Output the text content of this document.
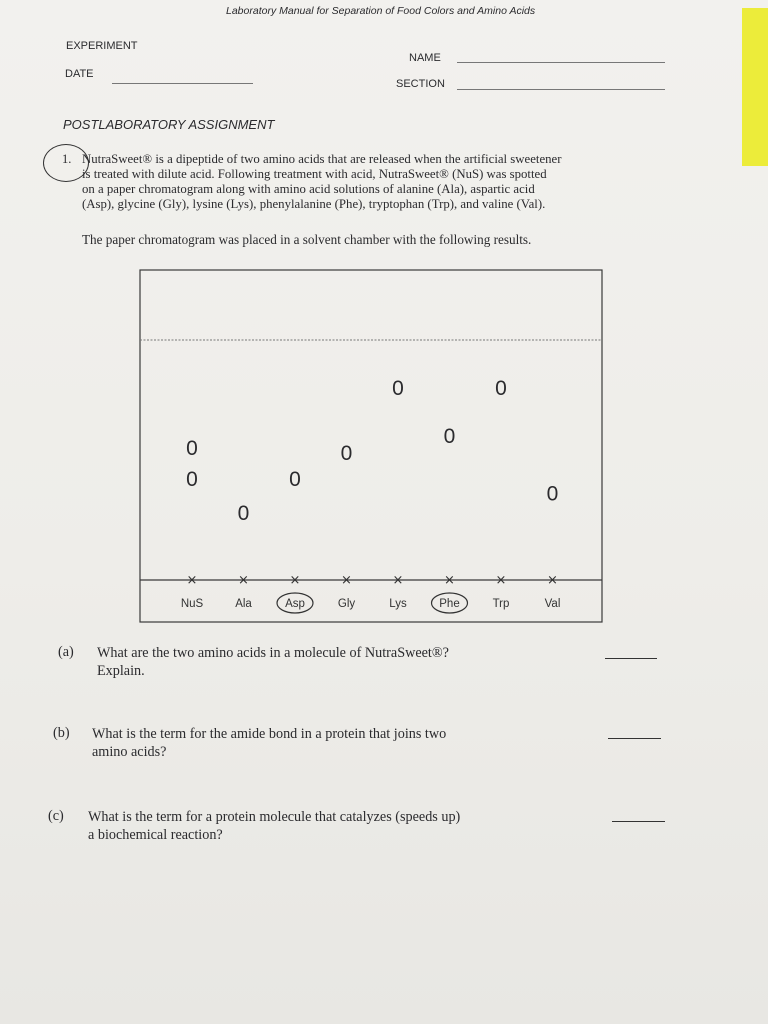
Laboratory Manual for Separation of Food Colors and Amino Acids
EXPERIMENT
NAME
DATE
SECTION
POSTLABORATORY ASSIGNMENT
1. NutraSweet® is a dipeptide of two amino acids that are released when the artificial sweetener

is treated with dilute acid. Following treatment with acid, NutraSweet® (NuS) was spotted

on a paper chromatogram along with amino acid solutions of alanine (Ala), aspartic acid

(Asp), glycine (Gly), lysine (Lys), phenylalanine (Phe), tryptophan (Trp), and valine (Val).

The paper chromatogram was placed in a solvent chamber with the following results.
0
0
0
0
0
0
0
0
0
×	×	×	×	×	×	×	×
NuS	Ala	Asp	Gly	Lys	Phe	Trp	Val
(a) What are the two amino acids in a molecule of NutraSweet®?
Explain.
(b) What is the term for the amide bond in a protein that joins two
amino acids?
(c) What is the term for a protein molecule that catalyzes (speeds up)
a biochemical reaction?
